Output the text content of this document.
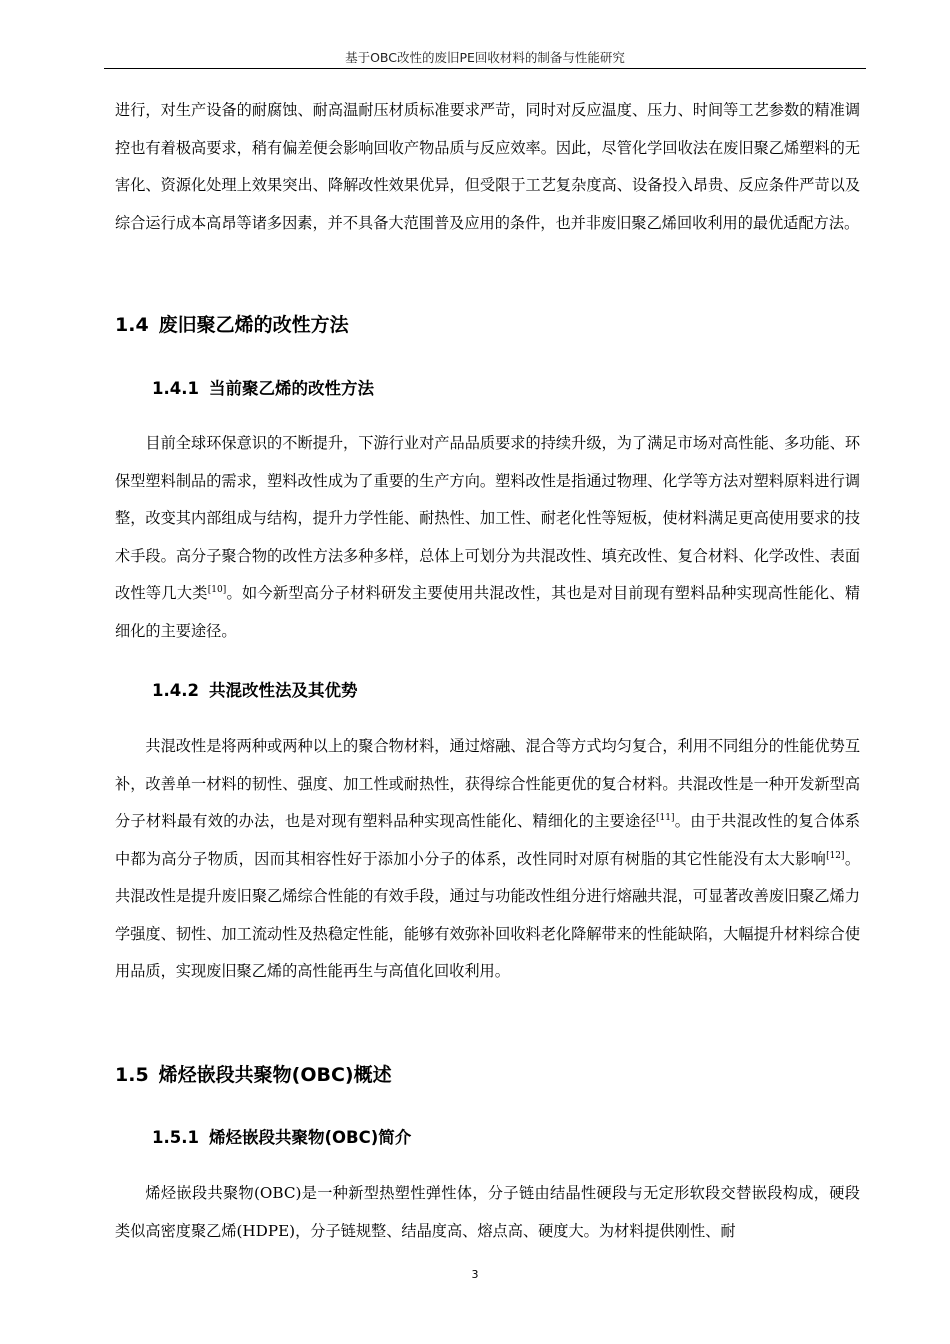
基于OBC改性的废旧PE回收材料的制备与性能研究
进行，对生产设备的耐腐蚀、耐高温耐压材质标准要求严苛，同时对反应温度、压力、时间等工艺参数的精准调控也有着极高要求，稍有偏差便会影响回收产物品质与反应效率。因此，尽管化学回收法在废旧聚乙烯塑料的无害化、资源化处理上效果突出、降解改性效果优异，但受限于工艺复杂度高、设备投入昂贵、反应条件严苛以及综合运行成本高昂等诸多因素，并不具备大范围普及应用的条件，也并非废旧聚乙烯回收利用的最优适配方法。
1.4 废旧聚乙烯的改性方法
1.4.1 当前聚乙烯的改性方法
目前全球环保意识的不断提升，下游行业对产品品质要求的持续升级，为了满足市场对高性能、多功能、环保型塑料制品的需求，塑料改性成为了重要的生产方向。塑料改性是指通过物理、化学等方法对塑料原料进行调整，改变其内部组成与结构，提升力学性能、耐热性、加工性、耐老化性等短板，使材料满足更高使用要求的技术手段。高分子聚合物的改性方法多种多样，总体上可划分为共混改性、填充改性、复合材料、化学改性、表面改性等几大类[10]。如今新型高分子材料研发主要使用共混改性，其也是对目前现有塑料品种实现高性能化、精细化的主要途径。
1.4.2 共混改性法及其优势
共混改性是将两种或两种以上的聚合物材料，通过熔融、混合等方式均匀复合，利用不同组分的性能优势互补，改善单一材料的韧性、强度、加工性或耐热性，获得综合性能更优的复合材料。共混改性是一种开发新型高分子材料最有效的办法，也是对现有塑料品种实现高性能化、精细化的主要途径[11]。由于共混改性的复合体系中都为高分子物质，因而其相容性好于添加小分子的体系，改性同时对原有树脂的其它性能没有太大影响[12]。共混改性是提升废旧聚乙烯综合性能的有效手段，通过与功能改性组分进行熔融共混，可显著改善废旧聚乙烯力学强度、韧性、加工流动性及热稳定性能，能够有效弥补回收料老化降解带来的性能缺陷，大幅提升材料综合使用品质，实现废旧聚乙烯的高性能再生与高值化回收利用。
1.5 烯烃嵌段共聚物(OBC)概述
1.5.1 烯烃嵌段共聚物(OBC)简介
烯烃嵌段共聚物(OBC)是一种新型热塑性弹性体，分子链由结晶性硬段与无定形软段交替嵌段构成，硬段类似高密度聚乙烯(HDPE)，分子链规整、结晶度高、熔点高、硬度大。为材料提供刚性、耐
3
